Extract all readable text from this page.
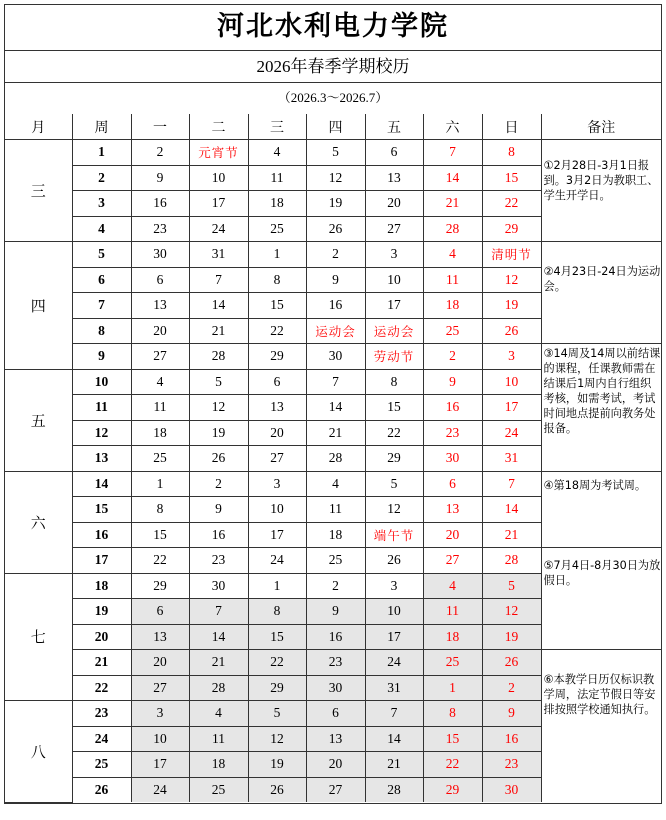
河北水利电力学院
2026年春季学期校历
（2026.3～2026.7）
月	周	一	二	三	四	五	六	日	备注
三	1	2	元宵节	4	5	6	7	8	①2月28日-3月1日报到。3月2日为教职工、学生开学日。

	2	9	10	11	12	13	14	15	
	3	16	17	18	19	20	21	22	
	4	23	24	25	26	27	28	29	
四	5	30	31	1	2	3	4	清明节	②4月23日-24日为运动会。

	6	6	7	8	9	10	11	12	
	7	13	14	15	16	17	18	19	
	8	20	21	22	运动会	运动会	25	26	
	9	27	28	29	30	劳动节	2	3	③14周及14周以前结课的课程，任课教师需在结课后1周内自行组织考核，如需考试，考试时间地点提前向教务处报备。

五	10	4	5	6	7	8	9	10	
	11	11	12	13	14	15	16	17	
	12	18	19	20	21	22	23	24	
	13	25	26	27	28	29	30	31	
六	14	1	2	3	4	5	6	7	④第18周为考试周。

	15	8	9	10	11	12	13	14	
	16	15	16	17	18	端午节	20	21	
	17	22	23	24	25	26	27	28	⑤7月4日-8月30日为放假日。

七	18	29	30	1	2	3	4	5	
	19	6	7	8	9	10	11	12	
	20	13	14	15	16	17	18	19	
	21	20	21	22	23	24	25	26	⑥本教学日历仅标识教学周，法定节假日等安排按照学校通知执行。

	22	27	28	29	30	31	1	2	
八	23	3	4	5	6	7	8	9	
	24	10	11	12	13	14	15	16	
	25	17	18	19	20	21	22	23	
	26	24	25	26	27	28	29	30	
